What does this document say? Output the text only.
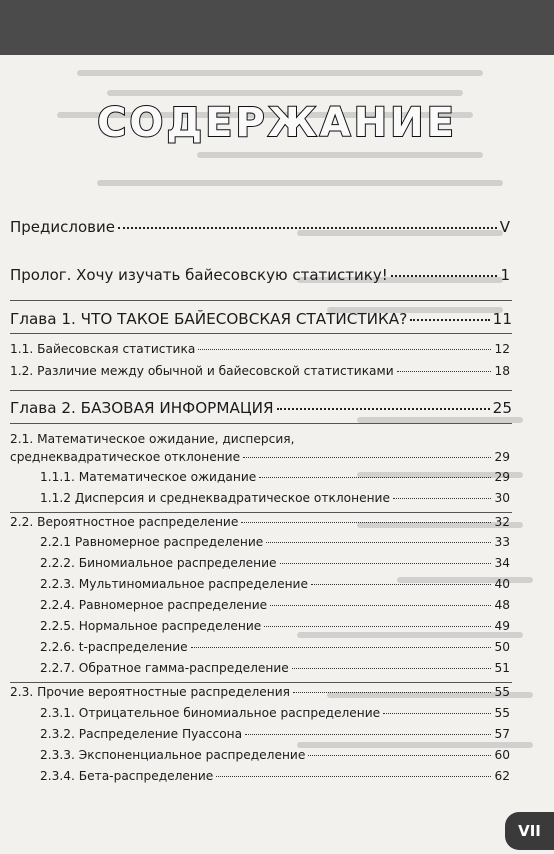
СОДЕРЖАНИЕ
Предисловие	V
Пролог. Хочу изучать байесовскую статистику!	1
Глава 1. ЧТО ТАКОЕ БАЙЕСОВСКАЯ СТАТИСТИКА?	11
1.1. Байесовская статистика	12
1.2. Различие между обычной и байесовской статистиками	18
Глава 2. БАЗОВАЯ ИНФОРМАЦИЯ	25
2.1. Математическое ожидание, дисперсия,
среднеквадратическое отклонение	29
1.1.1. Математическое ожидание	29
1.1.2 Дисперсия и среднеквадратическое отклонение	30
2.2. Вероятностное распределение	32
2.2.1 Равномерное распределение	33
2.2.2. Биномиальное распределение	34
2.2.3. Мультиномиальное распределение	40
2.2.4. Равномерное распределение	48
2.2.5. Нормальное распределение	49
2.2.6. t-распределение	50
2.2.7. Обратное гамма-распределение	51
2.3. Прочие вероятностные распределения	55
2.3.1. Отрицательное биномиальное распределение	55
2.3.2. Распределение Пуассона	57
2.3.3. Экспоненциальное распределение	60
2.3.4. Бета-распределение	62
VII
